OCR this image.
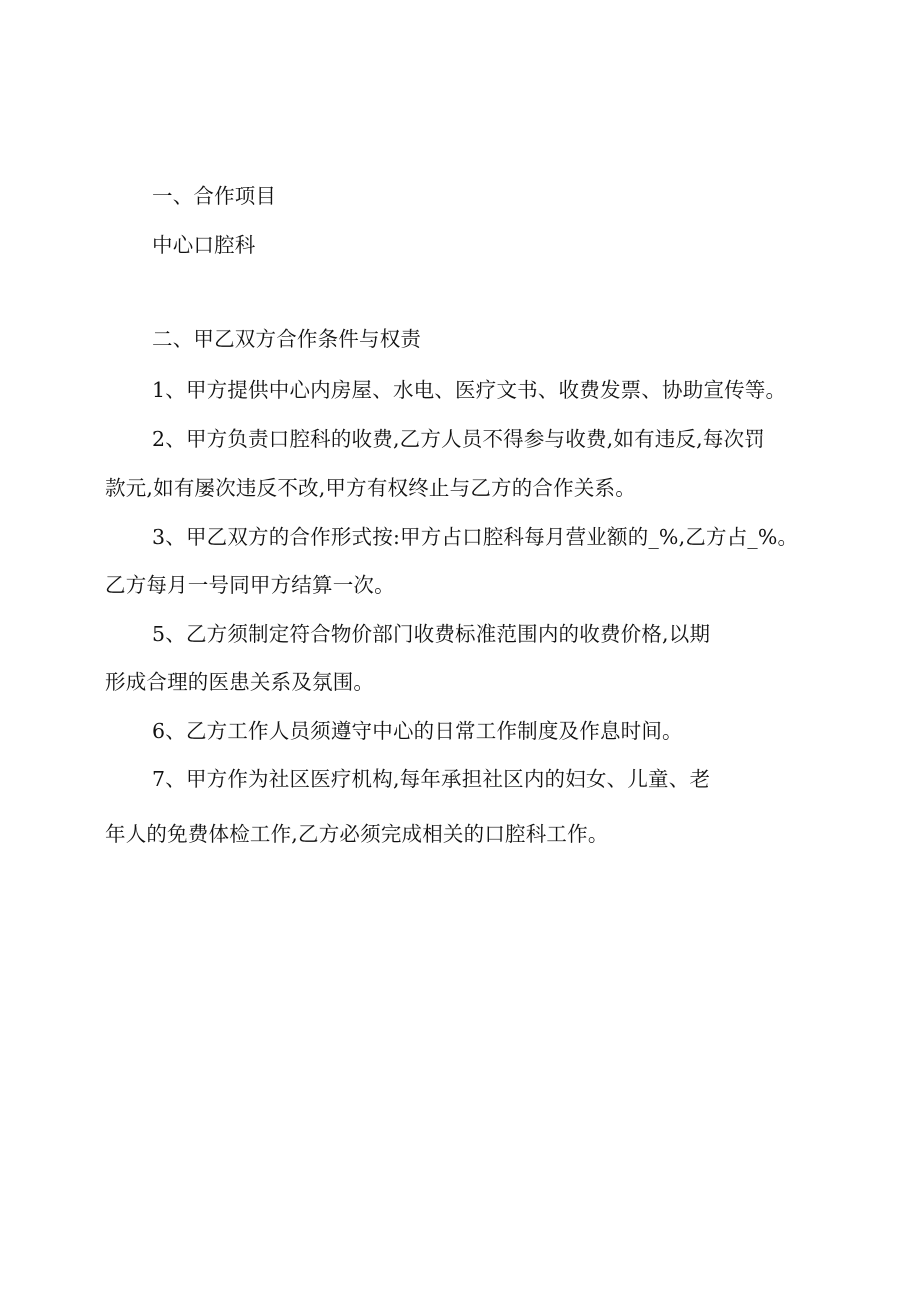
一、合作项目
中心口腔科
二、甲乙双方合作条件与权责
1、甲方提供中心内房屋、水电、医疗文书、收费发票、协助宣传等。
2、甲方负责口腔科的收费,乙方人员不得参与收费,如有违反,每次罚
款元,如有屡次违反不改,甲方有权终止与乙方的合作关系。
3、甲乙双方的合作形式按:甲方占口腔科每月营业额的_%,乙方占_%。
乙方每月一号同甲方结算一次。
5、乙方须制定符合物价部门收费标准范围内的收费价格,以期
形成合理的医患关系及氛围。
6、乙方工作人员须遵守中心的日常工作制度及作息时间。
7、甲方作为社区医疗机构,每年承担社区内的妇女、儿童、老
年人的免费体检工作,乙方必须完成相关的口腔科工作。
